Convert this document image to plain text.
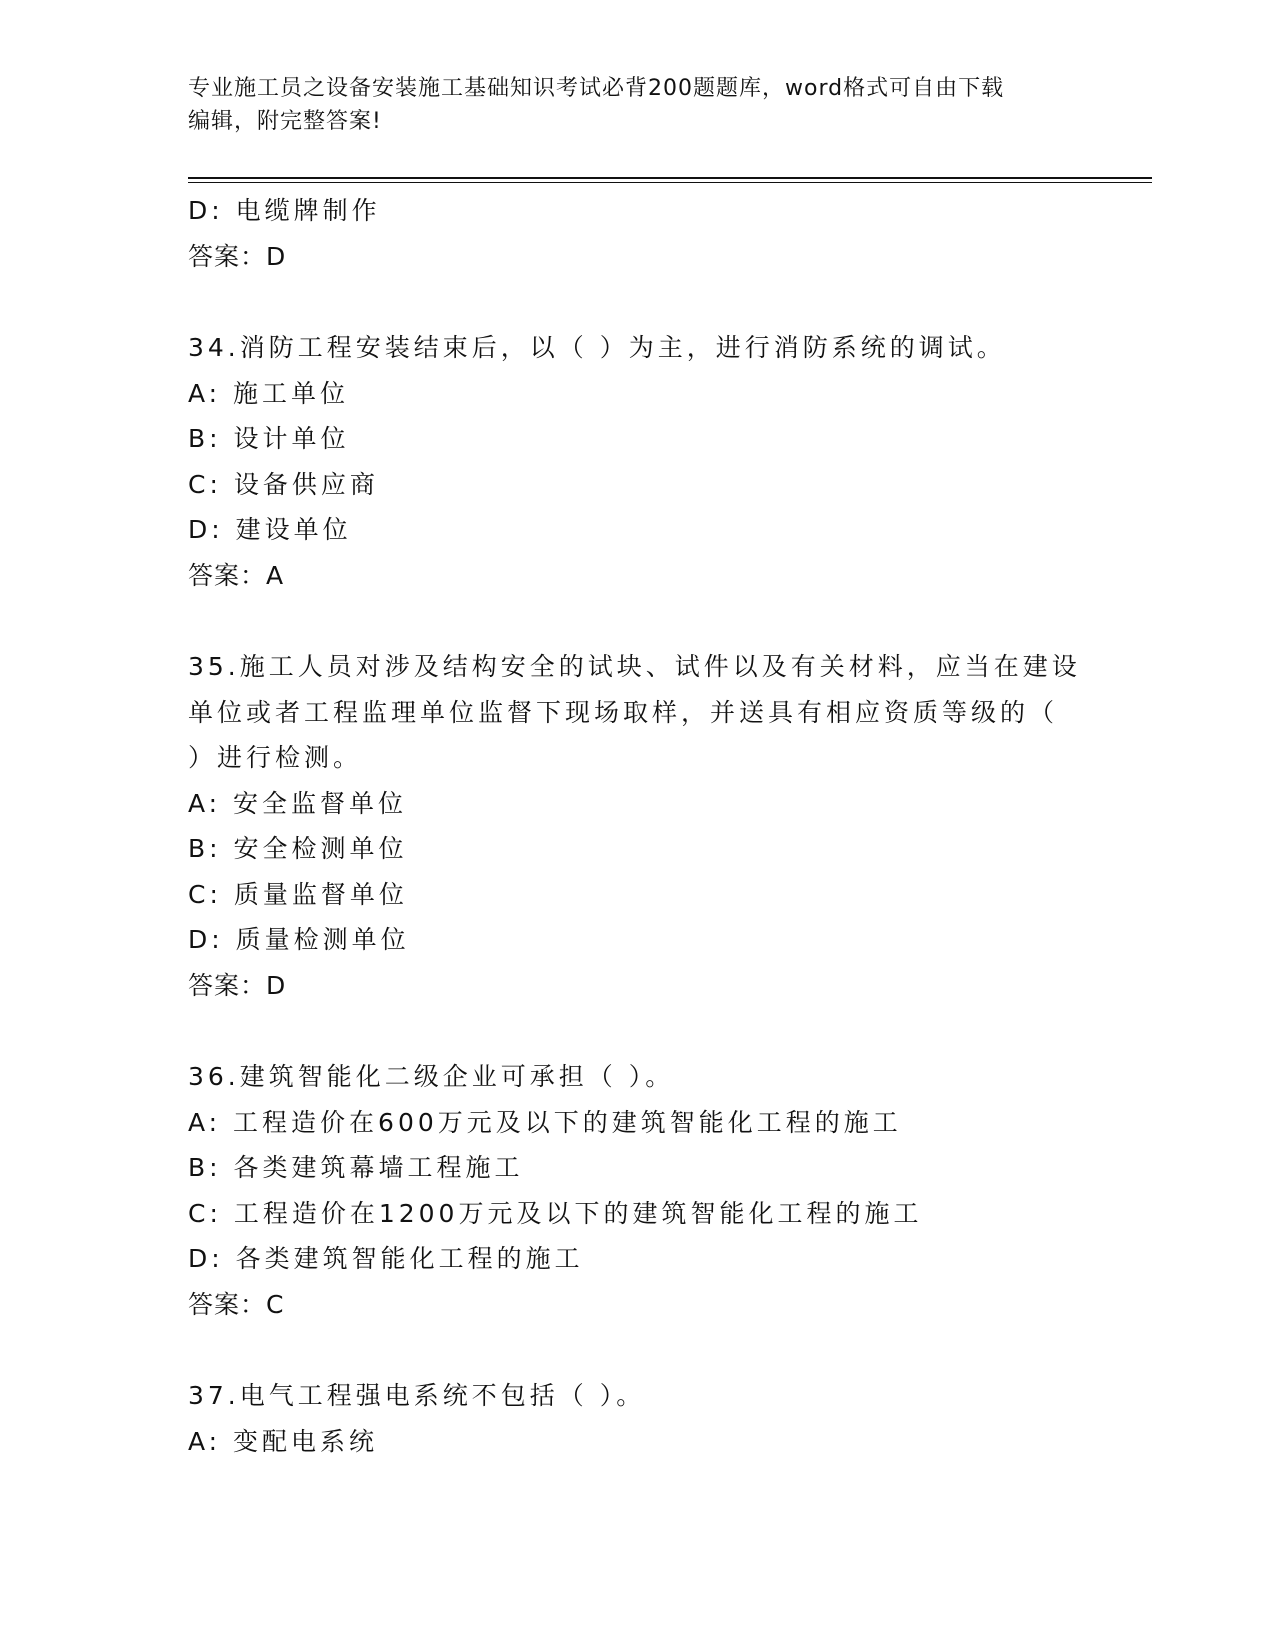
专业施工员之设备安装施工基础知识考试必背200题题库，word格式可自由下载
编辑，附完整答案!

D: 电缆牌制作

答案：D

34.消防工程安装结束后，以（ ）为主，进行消防系统的调试。

A: 施工单位

B: 设计单位

C: 设备供应商

D: 建设单位

答案：A

35.施工人员对涉及结构安全的试块、试件以及有关材料，应当在建设

单位或者工程监理单位监督下现场取样，并送具有相应资质等级的（

）进行检测。

A: 安全监督单位

B: 安全检测单位

C: 质量监督单位

D: 质量检测单位

答案：D

36.建筑智能化二级企业可承担（ ）。

A: 工程造价在600万元及以下的建筑智能化工程的施工

B: 各类建筑幕墙工程施工

C: 工程造价在1200万元及以下的建筑智能化工程的施工

D: 各类建筑智能化工程的施工

答案：C

37.电气工程强电系统不包括（ ）。

A: 变配电系统
